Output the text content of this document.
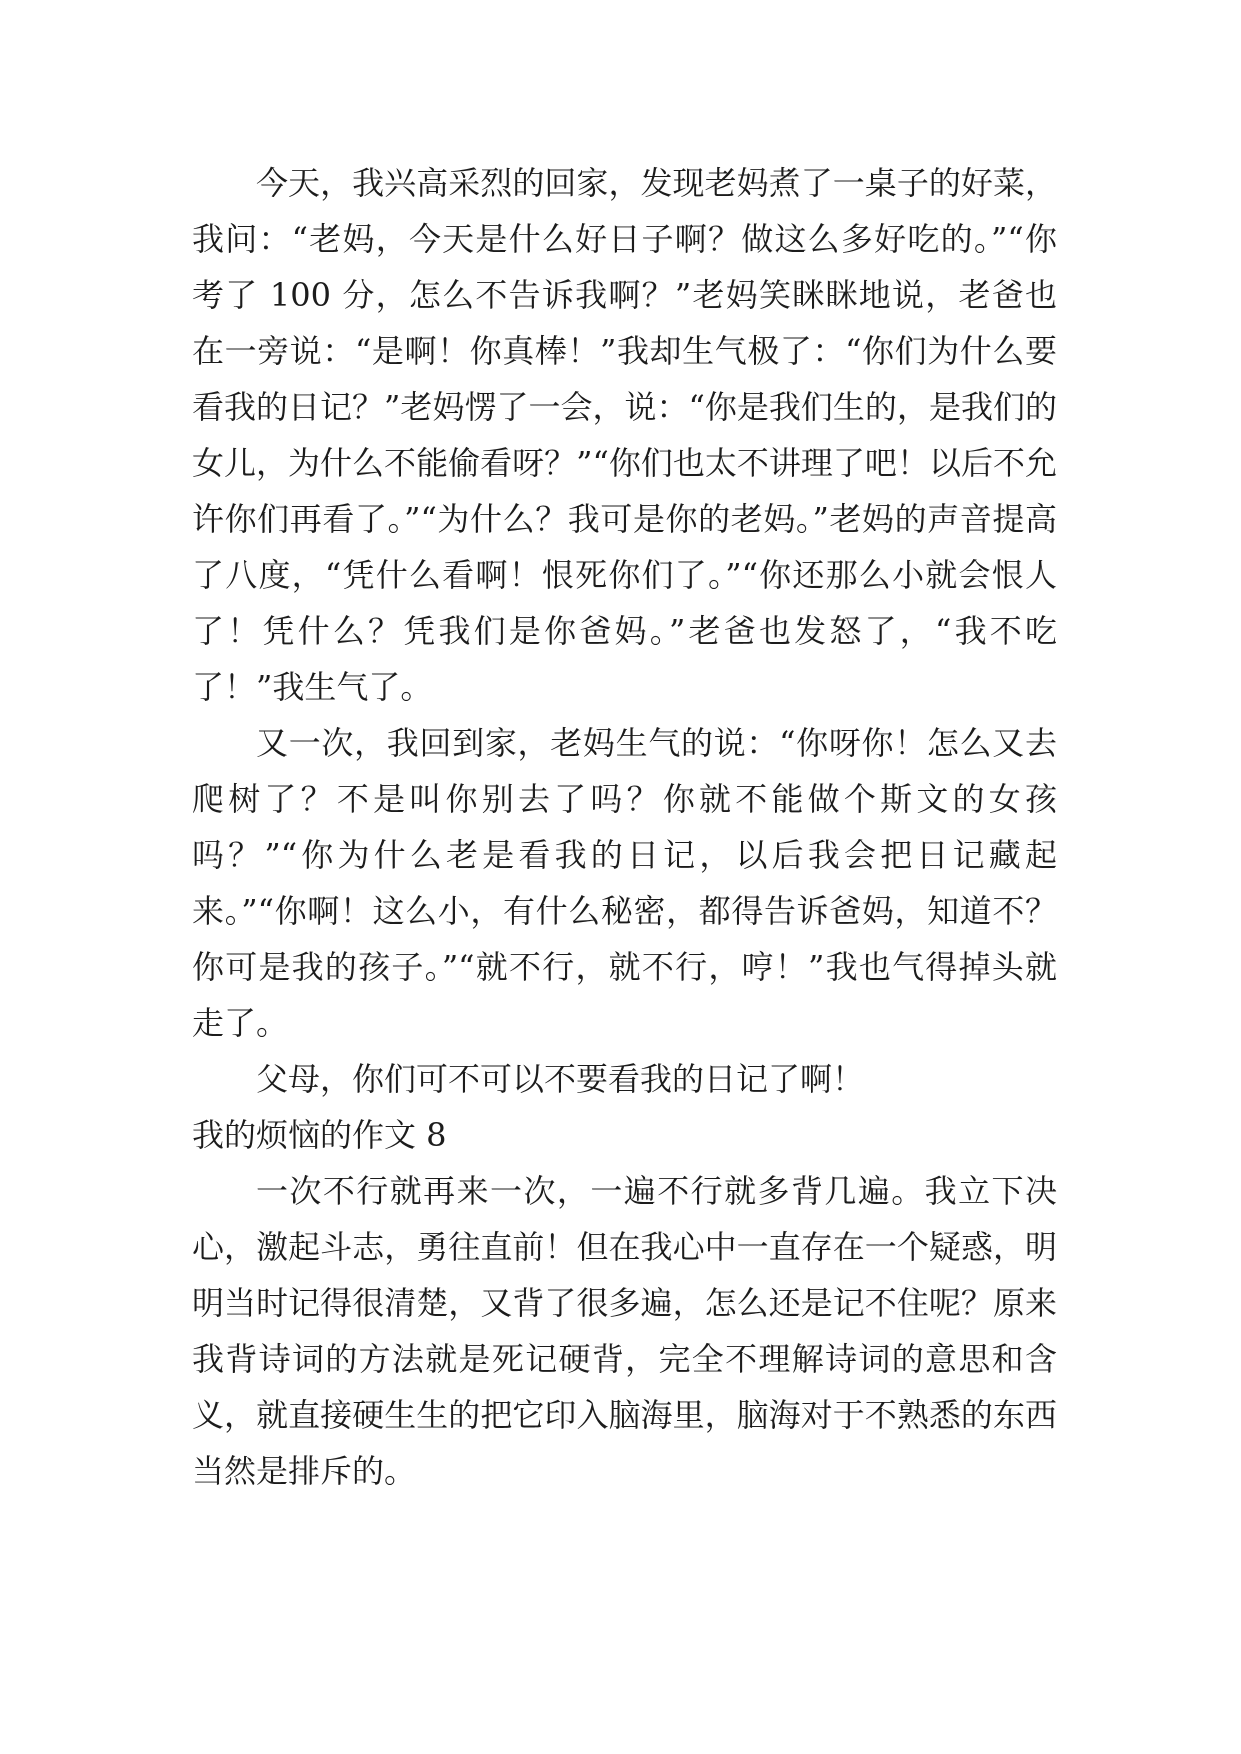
今天，我兴高采烈的回家，发现老妈煮了一桌子的好菜，我问：“老妈，今天是什么好日子啊？做这么多好吃的。”“你考了 100 分，怎么不告诉我啊？”老妈笑眯眯地说，老爸也在一旁说：“是啊！你真棒！”我却生气极了：“你们为什么要看我的日记？”老妈愣了一会，说：“你是我们生的，是我们的女儿，为什么不能偷看呀？”“你们也太不讲理了吧！以后不允许你们再看了。”“为什么？我可是你的老妈。”老妈的声音提高了八度，“凭什么看啊！恨死你们了。”“你还那么小就会恨人了！凭什么？凭我们是你爸妈。”老爸也发怒了，“我不吃了！”我生气了。

又一次，我回到家，老妈生气的说：“你呀你！怎么又去爬树了？不是叫你别去了吗？你就不能做个斯文的女孩吗？”“你为什么老是看我的日记，以后我会把日记藏起来。”“你啊！这么小，有什么秘密，都得告诉爸妈，知道不？你可是我的孩子。”“就不行，就不行，哼！”我也气得掉头就走了。

父母，你们可不可以不要看我的日记了啊！

我的烦恼的作文 8

一次不行就再来一次，一遍不行就多背几遍。我立下决心，激起斗志，勇往直前！但在我心中一直存在一个疑惑，明明当时记得很清楚，又背了很多遍，怎么还是记不住呢？原来我背诗词的方法就是死记硬背，完全不理解诗词的意思和含义，就直接硬生生的把它印入脑海里，脑海对于不熟悉的东西当然是排斥的。
